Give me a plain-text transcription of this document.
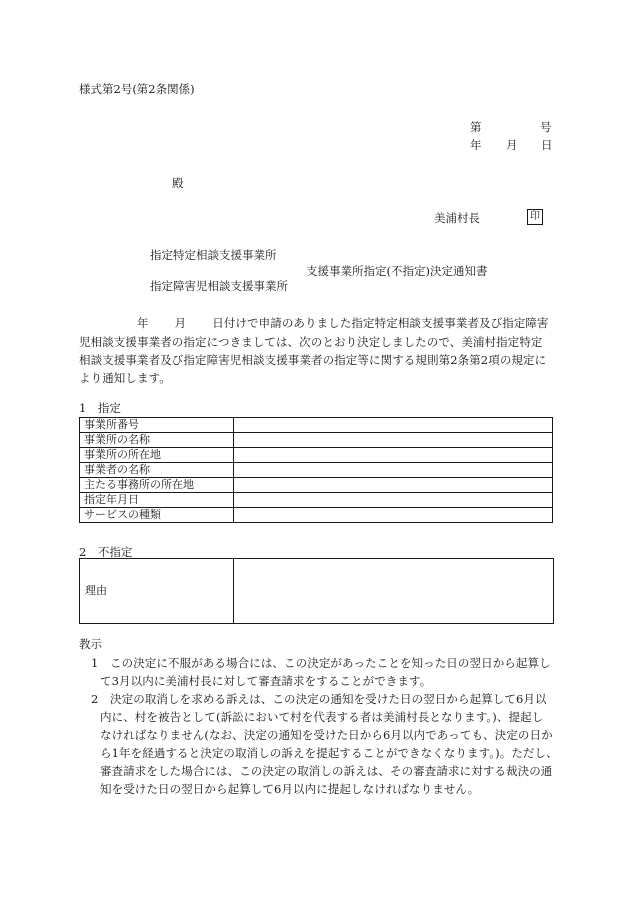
様式第2号(第2条関係)
第	号
年 月 日
殿
美浦村長	印
指定特定相談支援事業所
支援事業所指定(不指定)決定通知書
指定障害児相談支援事業所
年 月 日付けで申請のありました指定特定相談支援事業者及び指定障害
児相談支援事業者の指定につきましては、次のとおり決定しましたので、美浦村指定特定
相談支援事業者及び指定障害児相談支援事業者の指定等に関する規則第2条第2項の規定に
より通知します。
1　指定
事業所番号	
事業所の名称	
事業所の所在地	
事業者の名称	
主たる事務所の所在地	
指定年月日	
サービスの種類	
2　不指定
理由
教示
1　この決定に不服がある場合には、この決定があったことを知った日の翌日から起算し
て3月以内に美浦村長に対して審査請求をすることができます。
2　決定の取消しを求める訴えは、この決定の通知を受けた日の翌日から起算して6月以
内に、村を被告として(訴訟において村を代表する者は美浦村長となります。)、提起し
なければなりません(なお、決定の通知を受けた日から6月以内であっても、決定の日か
ら1年を経過すると決定の取消しの訴えを提起することができなくなります。)。ただし、
審査請求をした場合には、この決定の取消しの訴えは、その審査請求に対する裁決の通
知を受けた日の翌日から起算して6月以内に提起しなければなりません。
